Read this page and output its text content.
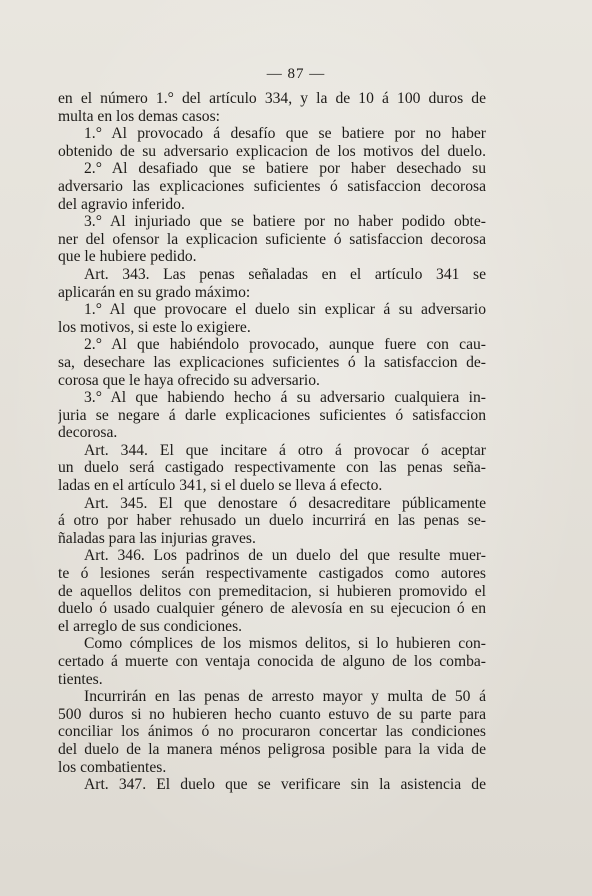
— 87 —
en el número 1.° del artículo 334, y la de 10 á 100 duros de
multa en los demas casos:
1.° Al provocado á desafío que se batiere por no haber
obtenido de su adversario explicacion de los motivos del duelo.
2.° Al desafiado que se batiere por haber desechado su
adversario las explicaciones suficientes ó satisfaccion decorosa
del agravio inferido.
3.° Al injuriado que se batiere por no haber podido obte-
ner del ofensor la explicacion suficiente ó satisfaccion decorosa
que le hubiere pedido.
Art. 343. Las penas señaladas en el artículo 341 se
aplicarán en su grado máximo:
1.° Al que provocare el duelo sin explicar á su adversario
los motivos, si este lo exigiere.
2.° Al que habiéndolo provocado, aunque fuere con cau-
sa, desechare las explicaciones suficientes ó la satisfaccion de-
corosa que le haya ofrecido su adversario.
3.° Al que habiendo hecho á su adversario cualquiera in-
juria se negare á darle explicaciones suficientes ó satisfaccion
decorosa.
Art. 344. El que incitare á otro á provocar ó aceptar
un duelo será castigado respectivamente con las penas seña-
ladas en el artículo 341, si el duelo se lleva á efecto.
Art. 345. El que denostare ó desacreditare públicamente
á otro por haber rehusado un duelo incurrirá en las penas se-
ñaladas para las injurias graves.
Art. 346. Los padrinos de un duelo del que resulte muer-
te ó lesiones serán respectivamente castigados como autores
de aquellos delitos con premeditacion, si hubieren promovido el
duelo ó usado cualquier género de alevosía en su ejecucion ó en
el arreglo de sus condiciones.
Como cómplices de los mismos delitos, si lo hubieren con-
certado á muerte con ventaja conocida de alguno de los comba-
tientes.
Incurrirán en las penas de arresto mayor y multa de 50 á
500 duros si no hubieren hecho cuanto estuvo de su parte para
conciliar los ánimos ó no procuraron concertar las condiciones
del duelo de la manera ménos peligrosa posible para la vida de
los combatientes.
Art. 347. El duelo que se verificare sin la asistencia de
